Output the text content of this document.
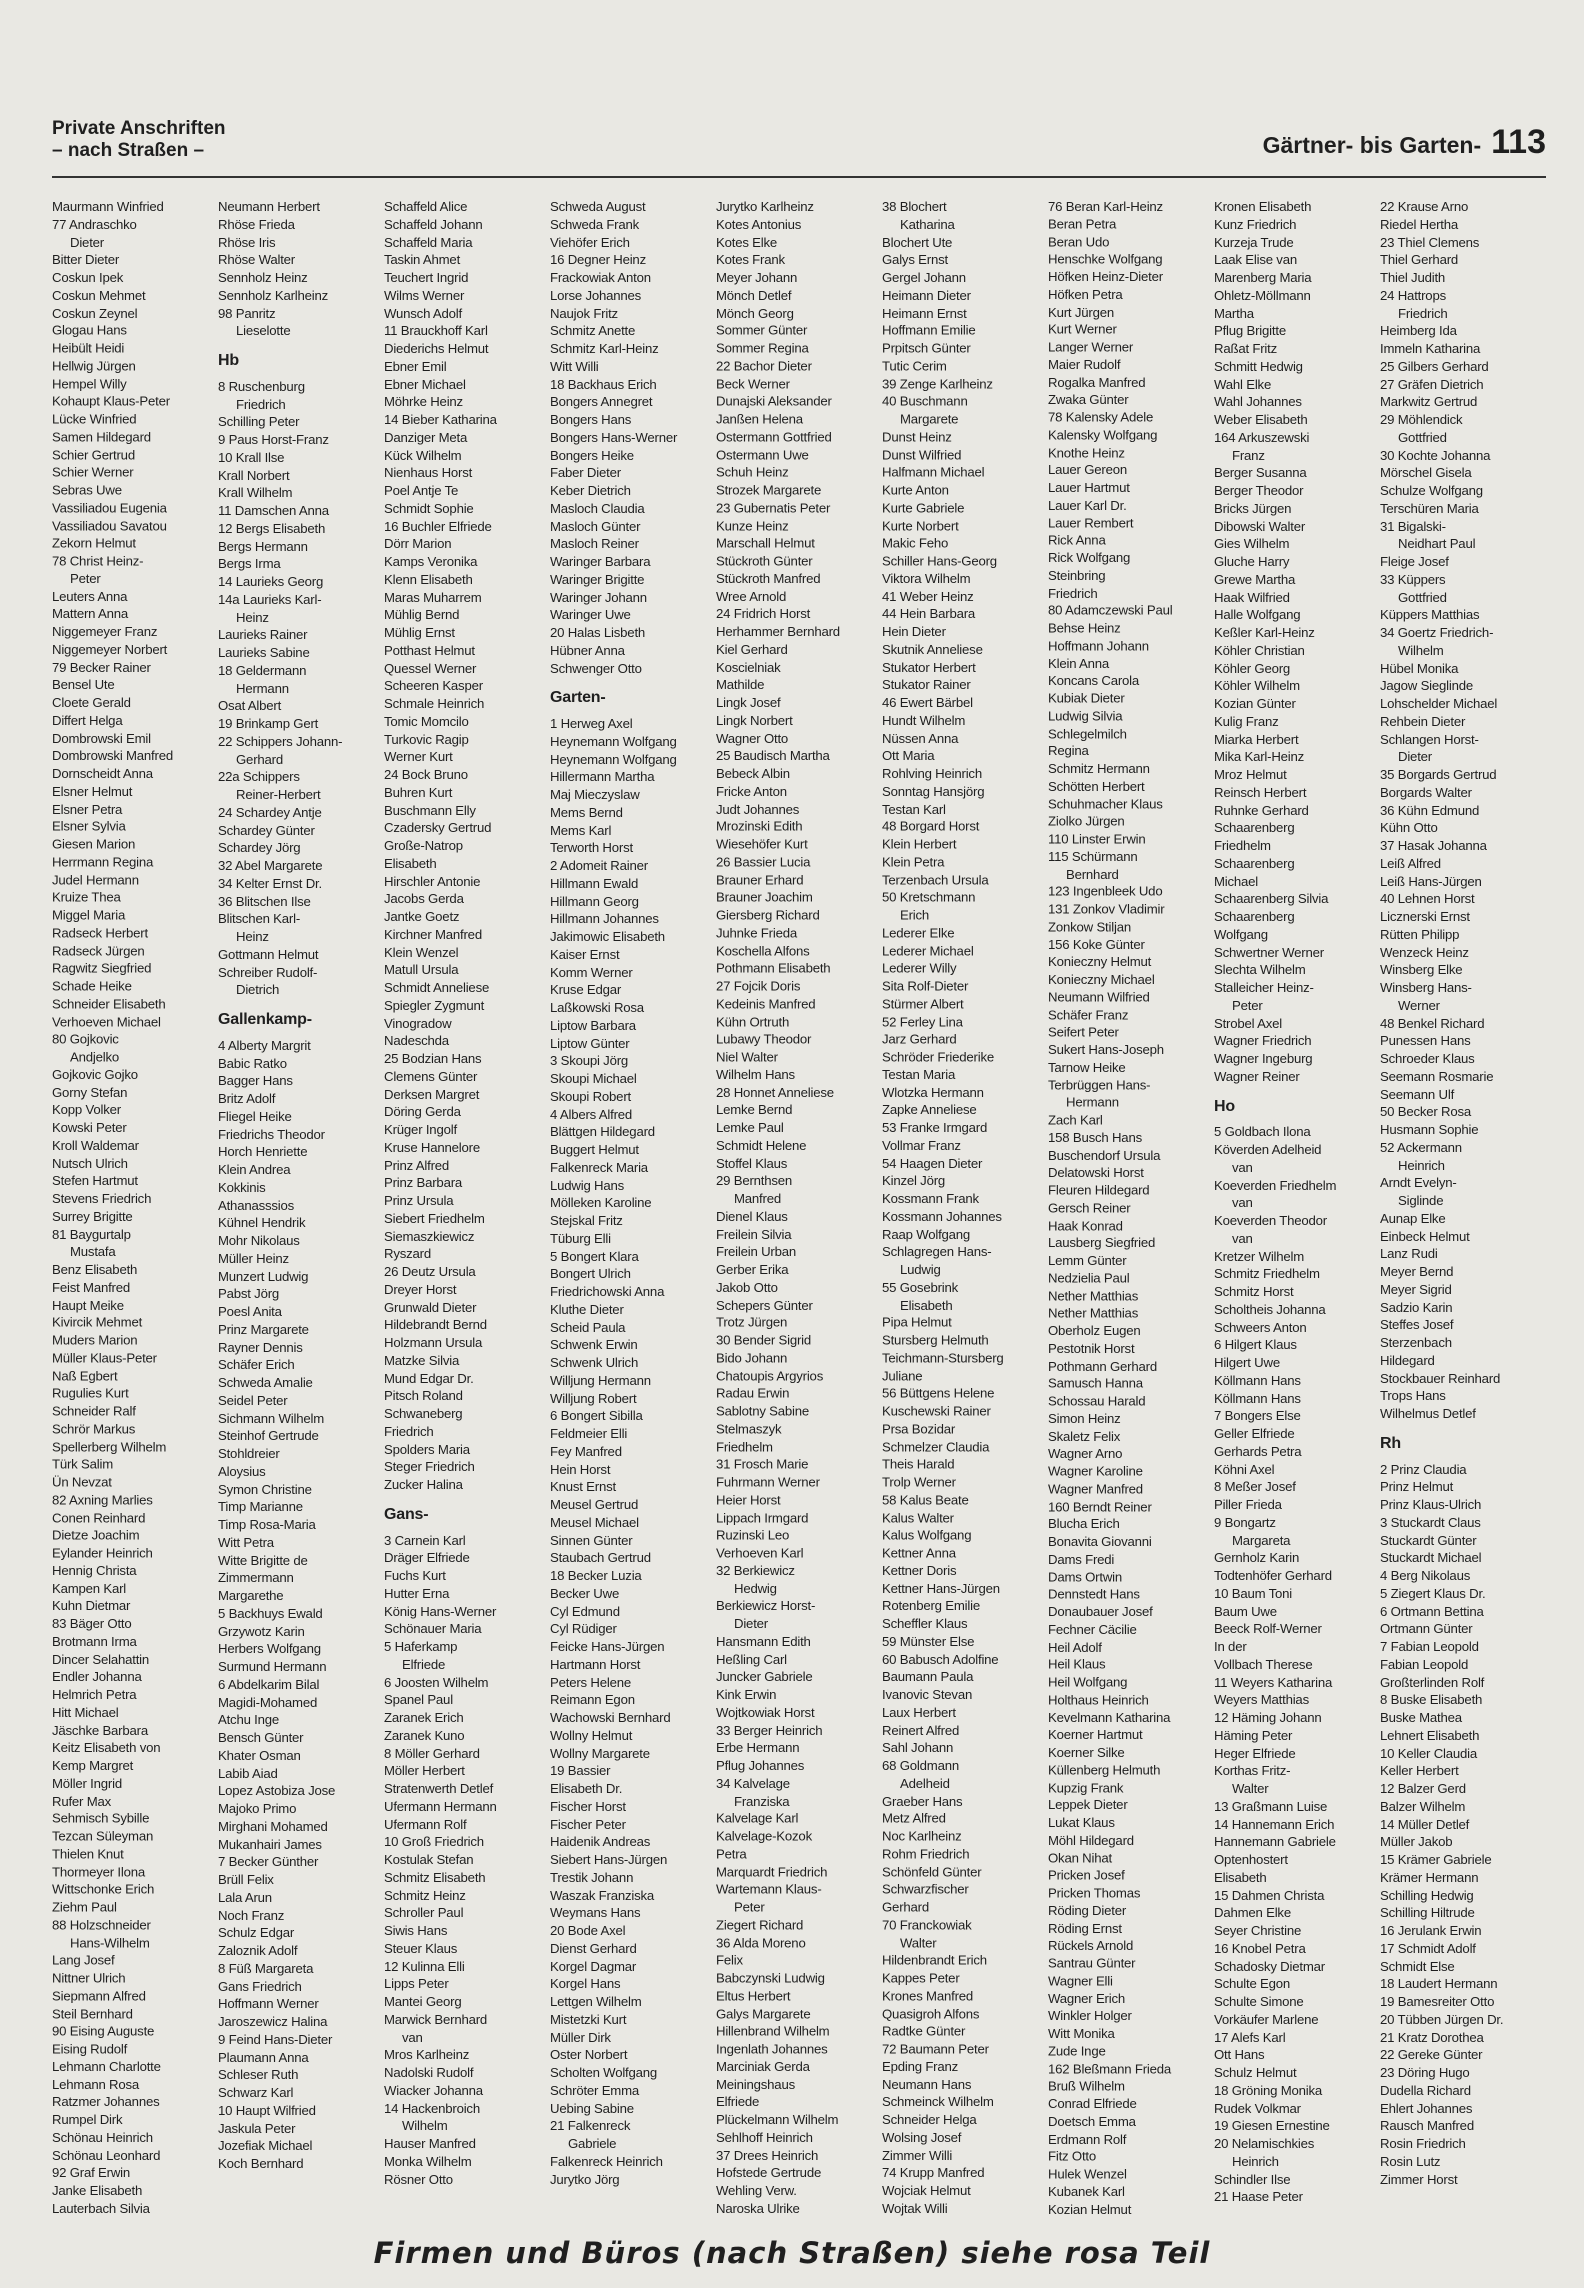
Private Anschriften
– nach Straßen –	Gärtner- bis Garten- 113
Maurmann Winfried
77 Andraschko
Dieter
Bitter Dieter
Coskun Ipek
Coskun Mehmet
Coskun Zeynel
Glogau Hans
Heibült Heidi
Hellwig Jürgen
Hempel Willy
Kohaupt Klaus-Peter
Lücke Winfried
Samen Hildegard
Schier Gertrud
Schier Werner
Sebras Uwe
Vassiliadou Eugenia
Vassiliadou Savatou
Zekorn Helmut
78 Christ Heinz-
Peter
Leuters Anna
Mattern Anna
Niggemeyer Franz
Niggemeyer Norbert
79 Becker Rainer
Bensel Ute
Cloete Gerald
Differt Helga
Dombrowski Emil
Dombrowski Manfred
Dornscheidt Anna
Elsner Helmut
Elsner Petra
Elsner Sylvia
Giesen Marion
Herrmann Regina
Judel Hermann
Kruize Thea
Miggel Maria
Radseck Herbert
Radseck Jürgen
Ragwitz Siegfried
Schade Heike
Schneider Elisabeth
Verhoeven Michael
80 Gojkovic
Andjelko
Gojkovic Gojko
Gorny Stefan
Kopp Volker
Kowski Peter
Kroll Waldemar
Nutsch Ulrich
Stefen Hartmut
Stevens Friedrich
Surrey Brigitte
81 Baygurtalp
Mustafa
Benz Elisabeth
Feist Manfred
Haupt Meike
Kivircik Mehmet
Muders Marion
Müller Klaus-Peter
Naß Egbert
Rugulies Kurt
Schneider Ralf
Schrör Markus
Spellerberg Wilhelm
Türk Salim
Ün Nevzat
82 Axning Marlies
Conen Reinhard
Dietze Joachim
Eylander Heinrich
Hennig Christa
Kampen Karl
Kuhn Dietmar
83 Bäger Otto
Brotmann Irma
Dincer Selahattin
Endler Johanna
Helmrich Petra
Hitt Michael
Jäschke Barbara
Keitz Elisabeth von
Kemp Margret
Möller Ingrid
Rufer Max
Sehmisch Sybille
Tezcan Süleyman
Thielen Knut
Thormeyer Ilona
Wittschonke Erich
Ziehm Paul
88 Holzschneider
Hans-Wilhelm
Lang Josef
Nittner Ulrich
Siepmann Alfred
Steil Bernhard
90 Eising Auguste
Eising Rudolf
Lehmann Charlotte
Lehmann Rosa
Ratzmer Johannes
Rumpel Dirk
Schönau Heinrich
Schönau Leonhard
92 Graf Erwin
Janke Elisabeth
Lauterbach Silvia
Neumann Herbert
Rhöse Frieda
Rhöse Iris
Rhöse Walter
Sennholz Heinz
Sennholz Karlheinz
98 Panritz
Lieselotte
Hb
8 Ruschenburg
Friedrich
Schilling Peter
9 Paus Horst-Franz
10 Krall Ilse
Krall Norbert
Krall Wilhelm
11 Damschen Anna
12 Bergs Elisabeth
Bergs Hermann
Bergs Irma
14 Laurieks Georg
14a Laurieks Karl-
Heinz
Laurieks Rainer
Laurieks Sabine
18 Geldermann
Hermann
Osat Albert
19 Brinkamp Gert
22 Schippers Johann-
Gerhard
22a Schippers
Reiner-Herbert
24 Schardey Antje
Schardey Günter
Schardey Jörg
32 Abel Margarete
34 Kelter Ernst Dr.
36 Blitschen Ilse
Blitschen Karl-
Heinz
Gottmann Helmut
Schreiber Rudolf-
Dietrich
Gallenkamp-
4 Alberty Margrit
Babic Ratko
Bagger Hans
Britz Adolf
Fliegel Heike
Friedrichs Theodor
Horch Henriette
Klein Andrea
Kokkinis
Athanasssios
Kühnel Hendrik
Mohr Nikolaus
Müller Heinz
Munzert Ludwig
Pabst Jörg
Poesl Anita
Prinz Margarete
Rayner Dennis
Schäfer Erich
Schweda Amalie
Seidel Peter
Sichmann Wilhelm
Steinhof Gertrude
Stohldreier
Aloysius
Symon Christine
Timp Marianne
Timp Rosa-Maria
Witt Petra
Witte Brigitte de
Zimmermann
Margarethe
5 Backhuys Ewald
Grzywotz Karin
Herbers Wolfgang
Surmund Hermann
6 Abdelkarim Bilal
Magidi-Mohamed
Atchu Inge
Bensch Günter
Khater Osman
Labib Aiad
Lopez Astobiza Jose
Majoko Primo
Mirghani Mohamed
Mukanhairi James
7 Becker Günther
Brüll Felix
Lala Arun
Noch Franz
Schulz Edgar
Zaloznik Adolf
8 Füß Margareta
Gans Friedrich
Hoffmann Werner
Jaroszewicz Halina
9 Feind Hans-Dieter
Plaumann Anna
Schleser Ruth
Schwarz Karl
10 Haupt Wilfried
Jaskula Peter
Jozefiak Michael
Koch Bernhard
Schaffeld Alice
Schaffeld Johann
Schaffeld Maria
Taskin Ahmet
Teuchert Ingrid
Wilms Werner
Wunsch Adolf
11 Brauckhoff Karl
Diederichs Helmut
Ebner Emil
Ebner Michael
Möhrke Heinz
14 Bieber Katharina
Danziger Meta
Kück Wilhelm
Nienhaus Horst
Poel Antje Te
Schmidt Sophie
16 Buchler Elfriede
Dörr Marion
Kamps Veronika
Klenn Elisabeth
Maras Muharrem
Mühlig Bernd
Mühlig Ernst
Potthast Helmut
Quessel Werner
Scheeren Kasper
Schmale Heinrich
Tomic Momcilo
Turkovic Ragip
Werner Kurt
24 Bock Bruno
Buhren Kurt
Buschmann Elly
Czadersky Gertrud
Große-Natrop
Elisabeth
Hirschler Antonie
Jacobs Gerda
Jantke Goetz
Kirchner Manfred
Klein Wenzel
Matull Ursula
Schmidt Anneliese
Spiegler Zygmunt
Vinogradow
Nadeschda
25 Bodzian Hans
Clemens Günter
Derksen Margret
Döring Gerda
Krüger Ingolf
Kruse Hannelore
Prinz Alfred
Prinz Barbara
Prinz Ursula
Siebert Friedhelm
Siemaszkiewicz
Ryszard
26 Deutz Ursula
Dreyer Horst
Grunwald Dieter
Hildebrandt Bernd
Holzmann Ursula
Matzke Silvia
Mund Edgar Dr.
Pitsch Roland
Schwaneberg
Friedrich
Spolders Maria
Steger Friedrich
Zucker Halina
Gans-
3 Carnein Karl
Dräger Elfriede
Fuchs Kurt
Hutter Erna
König Hans-Werner
Schönauer Maria
5 Haferkamp
Elfriede
6 Joosten Wilhelm
Spanel Paul
Zaranek Erich
Zaranek Kuno
8 Möller Gerhard
Möller Herbert
Stratenwerth Detlef
Ufermann Hermann
Ufermann Rolf
10 Groß Friedrich
Kostulak Stefan
Schmitz Elisabeth
Schmitz Heinz
Schroller Paul
Siwis Hans
Steuer Klaus
12 Kulinna Elli
Lipps Peter
Mantei Georg
Marwick Bernhard
van
Mros Karlheinz
Nadolski Rudolf
Wiacker Johanna
14 Hackenbroich
Wilhelm
Hauser Manfred
Monka Wilhelm
Rösner Otto
Schweda August
Schweda Frank
Viehöfer Erich
16 Degner Heinz
Frackowiak Anton
Lorse Johannes
Naujok Fritz
Schmitz Anette
Schmitz Karl-Heinz
Witt Willi
18 Backhaus Erich
Bongers Annegret
Bongers Hans
Bongers Hans-Werner
Bongers Heike
Faber Dieter
Keber Dietrich
Masloch Claudia
Masloch Günter
Masloch Reiner
Waringer Barbara
Waringer Brigitte
Waringer Johann
Waringer Uwe
20 Halas Lisbeth
Hübner Anna
Schwenger Otto
Garten-
1 Herweg Axel
Heynemann Wolfgang
Heynemann Wolfgang
Hillermann Martha
Maj Mieczyslaw
Mems Bernd
Mems Karl
Terworth Horst
2 Adomeit Rainer
Hillmann Ewald
Hillmann Georg
Hillmann Johannes
Jakimowic Elisabeth
Kaiser Ernst
Komm Werner
Kruse Edgar
Laßkowski Rosa
Liptow Barbara
Liptow Günter
3 Skoupi Jörg
Skoupi Michael
Skoupi Robert
4 Albers Alfred
Blättgen Hildegard
Buggert Helmut
Falkenreck Maria
Ludwig Hans
Mölleken Karoline
Stejskal Fritz
Tüburg Elli
5 Bongert Klara
Bongert Ulrich
Friedrichowski Anna
Kluthe Dieter
Scheid Paula
Schwenk Erwin
Schwenk Ulrich
Willjung Hermann
Willjung Robert
6 Bongert Sibilla
Feldmeier Elli
Fey Manfred
Hein Horst
Knust Ernst
Meusel Gertrud
Meusel Michael
Sinnen Günter
Staubach Gertrud
18 Becker Luzia
Becker Uwe
Cyl Edmund
Cyl Rüdiger
Feicke Hans-Jürgen
Hartmann Horst
Peters Helene
Reimann Egon
Wachowski Bernhard
Wollny Helmut
Wollny Margarete
19 Bassier
Elisabeth Dr.
Fischer Horst
Fischer Peter
Haidenik Andreas
Siebert Hans-Jürgen
Trestik Johann
Waszak Franziska
Weymans Hans
20 Bode Axel
Dienst Gerhard
Korgel Dagmar
Korgel Hans
Lettgen Wilhelm
Mistetzki Kurt
Müller Dirk
Oster Norbert
Scholten Wolfgang
Schröter Emma
Uebing Sabine
21 Falkenreck
Gabriele
Falkenreck Heinrich
Jurytko Jörg
Jurytko Karlheinz
Kotes Antonius
Kotes Elke
Kotes Frank
Meyer Johann
Mönch Detlef
Mönch Georg
Sommer Günter
Sommer Regina
22 Bachor Dieter
Beck Werner
Dunajski Aleksander
Janßen Helena
Ostermann Gottfried
Ostermann Uwe
Schuh Heinz
Strozek Margarete
23 Gubernatis Peter
Kunze Heinz
Marschall Helmut
Stückroth Günter
Stückroth Manfred
Wree Arnold
24 Fridrich Horst
Herhammer Bernhard
Kiel Gerhard
Koscielniak
Mathilde
Lingk Josef
Lingk Norbert
Wagner Otto
25 Baudisch Martha
Bebeck Albin
Fricke Anton
Judt Johannes
Mrozinski Edith
Wiesehöfer Kurt
26 Bassier Lucia
Brauner Erhard
Brauner Joachim
Giersberg Richard
Juhnke Frieda
Koschella Alfons
Pothmann Elisabeth
27 Fojcik Doris
Kedeinis Manfred
Kühn Ortruth
Lubawy Theodor
Niel Walter
Wilhelm Hans
28 Honnet Anneliese
Lemke Bernd
Lemke Paul
Schmidt Helene
Stoffel Klaus
29 Bernthsen
Manfred
Dienel Klaus
Freilein Silvia
Freilein Urban
Gerber Erika
Jakob Otto
Schepers Günter
Trotz Jürgen
30 Bender Sigrid
Bido Johann
Chatoupis Argyrios
Radau Erwin
Sablotny Sabine
Stelmaszyk
Friedhelm
31 Frosch Marie
Fuhrmann Werner
Heier Horst
Lippach Irmgard
Ruzinski Leo
Verhoeven Karl
32 Berkiewicz
Hedwig
Berkiewicz Horst-
Dieter
Hansmann Edith
Heßling Carl
Juncker Gabriele
Kink Erwin
Wojtkowiak Horst
33 Berger Heinrich
Erbe Hermann
Pflug Johannes
34 Kalvelage
Franziska
Kalvelage Karl
Kalvelage-Kozok
Petra
Marquardt Friedrich
Wartemann Klaus-
Peter
Ziegert Richard
36 Alda Moreno
Felix
Babczynski Ludwig
Eltus Herbert
Galys Margarete
Hillenbrand Wilhelm
Ingenlath Johannes
Marciniak Gerda
Meiningshaus
Elfriede
Plückelmann Wilhelm
Sehlhoff Heinrich
37 Drees Heinrich
Hofstede Gertrude
Wehling Verw.
Naroska Ulrike
38 Blochert
Katharina
Blochert Ute
Galys Ernst
Gergel Johann
Heimann Dieter
Heimann Ernst
Hoffmann Emilie
Prpitsch Günter
Tutic Cerim
39 Zenge Karlheinz
40 Buschmann
Margarete
Dunst Heinz
Dunst Wilfried
Halfmann Michael
Kurte Anton
Kurte Gabriele
Kurte Norbert
Makic Feho
Schiller Hans-Georg
Viktora Wilhelm
41 Weber Heinz
44 Hein Barbara
Hein Dieter
Skutnik Anneliese
Stukator Herbert
Stukator Rainer
46 Ewert Bärbel
Hundt Wilhelm
Nüssen Anna
Ott Maria
Rohlving Heinrich
Sonntag Hansjörg
Testan Karl
48 Borgard Horst
Klein Herbert
Klein Petra
Terzenbach Ursula
50 Kretschmann
Erich
Lederer Elke
Lederer Michael
Lederer Willy
Sita Rolf-Dieter
Stürmer Albert
52 Ferley Lina
Jarz Gerhard
Schröder Friederike
Testan Maria
Wlotzka Hermann
Zapke Anneliese
53 Franke Irmgard
Vollmar Franz
54 Haagen Dieter
Kinzel Jörg
Kossmann Frank
Kossmann Johannes
Raap Wolfgang
Schlagregen Hans-
Ludwig
55 Gosebrink
Elisabeth
Pipa Helmut
Stursberg Helmuth
Teichmann-Stursberg
Juliane
56 Büttgens Helene
Kuschewski Rainer
Prsa Bozidar
Schmelzer Claudia
Theis Harald
Trolp Werner
58 Kalus Beate
Kalus Walter
Kalus Wolfgang
Kettner Anna
Kettner Doris
Kettner Hans-Jürgen
Rotenberg Emilie
Scheffler Klaus
59 Münster Else
60 Babusch Adolfine
Baumann Paula
Ivanovic Stevan
Laux Herbert
Reinert Alfred
Sahl Johann
68 Goldmann
Adelheid
Graeber Hans
Metz Alfred
Noc Karlheinz
Rohm Friedrich
Schönfeld Günter
Schwarzfischer
Gerhard
70 Franckowiak
Walter
Hildenbrandt Erich
Kappes Peter
Krones Manfred
Quasigroh Alfons
Radtke Günter
72 Baumann Peter
Epding Franz
Neumann Hans
Schmeinck Wilhelm
Schneider Helga
Wolsing Josef
Zimmer Willi
74 Krupp Manfred
Wojciak Helmut
Wojtak Willi
76 Beran Karl-Heinz
Beran Petra
Beran Udo
Henschke Wolfgang
Höfken Heinz-Dieter
Höfken Petra
Kurt Jürgen
Kurt Werner
Langer Werner
Maier Rudolf
Rogalka Manfred
Zwaka Günter
78 Kalensky Adele
Kalensky Wolfgang
Knothe Heinz
Lauer Gereon
Lauer Hartmut
Lauer Karl Dr.
Lauer Rembert
Rick Anna
Rick Wolfgang
Steinbring
Friedrich
80 Adamczewski Paul
Behse Heinz
Hoffmann Johann
Klein Anna
Koncans Carola
Kubiak Dieter
Ludwig Silvia
Schlegelmilch
Regina
Schmitz Hermann
Schötten Herbert
Schuhmacher Klaus
Ziolko Jürgen
110 Linster Erwin
115 Schürmann
Bernhard
123 Ingenbleek Udo
131 Zonkov Vladimir
Zonkow Stiljan
156 Koke Günter
Konieczny Helmut
Konieczny Michael
Neumann Wilfried
Schäfer Franz
Seifert Peter
Sukert Hans-Joseph
Tarnow Heike
Terbrüggen Hans-
Hermann
Zach Karl
158 Busch Hans
Buschendorf Ursula
Delatowski Horst
Fleuren Hildegard
Gersch Reiner
Haak Konrad
Lausberg Siegfried
Lemm Günter
Nedzielia Paul
Nether Matthias
Nether Matthias
Oberholz Eugen
Pestotnik Horst
Pothmann Gerhard
Samusch Hanna
Schossau Harald
Simon Heinz
Skaletz Felix
Wagner Arno
Wagner Karoline
Wagner Manfred
160 Berndt Reiner
Blucha Erich
Bonavita Giovanni
Dams Fredi
Dams Ortwin
Dennstedt Hans
Donaubauer Josef
Fechner Cäcilie
Heil Adolf
Heil Klaus
Heil Wolfgang
Holthaus Heinrich
Kevelmann Katharina
Koerner Hartmut
Koerner Silke
Küllenberg Helmuth
Kupzig Frank
Leppek Dieter
Lukat Klaus
Möhl Hildegard
Okan Nihat
Pricken Josef
Pricken Thomas
Röding Dieter
Röding Ernst
Rückels Arnold
Santrau Günter
Wagner Elli
Wagner Erich
Winkler Holger
Witt Monika
Zude Inge
162 Bleßmann Frieda
Bruß Wilhelm
Conrad Elfriede
Doetsch Emma
Erdmann Rolf
Fitz Otto
Hulek Wenzel
Kubanek Karl
Kozian Helmut
Kronen Elisabeth
Kunz Friedrich
Kurzeja Trude
Laak Elise van
Marenberg Maria
Ohletz-Möllmann
Martha
Pflug Brigitte
Raßat Fritz
Schmitt Hedwig
Wahl Elke
Wahl Johannes
Weber Elisabeth
164 Arkuszewski
Franz
Berger Susanna
Berger Theodor
Bricks Jürgen
Dibowski Walter
Gies Wilhelm
Gluche Harry
Grewe Martha
Haak Wilfried
Halle Wolfgang
Keßler Karl-Heinz
Köhler Christian
Köhler Georg
Köhler Wilhelm
Kozian Günter
Kulig Franz
Miarka Herbert
Mika Karl-Heinz
Mroz Helmut
Reinsch Herbert
Ruhnke Gerhard
Schaarenberg
Friedhelm
Schaarenberg
Michael
Schaarenberg Silvia
Schaarenberg
Wolfgang
Schwertner Werner
Slechta Wilhelm
Stalleicher Heinz-
Peter
Strobel Axel
Wagner Friedrich
Wagner Ingeburg
Wagner Reiner
Ho
5 Goldbach Ilona
Köverden Adelheid
van
Koeverden Friedhelm
van
Koeverden Theodor
van
Kretzer Wilhelm
Schmitz Friedhelm
Schmitz Horst
Scholtheis Johanna
Schweers Anton
6 Hilgert Klaus
Hilgert Uwe
Köllmann Hans
Köllmann Hans
7 Bongers Else
Geller Elfriede
Gerhards Petra
Köhni Axel
8 Meßer Josef
Piller Frieda
9 Bongartz
Margareta
Gernholz Karin
Todtenhöfer Gerhard
10 Baum Toni
Baum Uwe
Beeck Rolf-Werner
In der
Vollbach Therese
11 Weyers Katharina
Weyers Matthias
12 Häming Johann
Häming Peter
Heger Elfriede
Korthas Fritz-
Walter
13 Graßmann Luise
14 Hannemann Erich
Hannemann Gabriele
Optenhostert
Elisabeth
15 Dahmen Christa
Dahmen Elke
Seyer Christine
16 Knobel Petra
Schadosky Dietmar
Schulte Egon
Schulte Simone
Vorkäufer Marlene
17 Alefs Karl
Ott Hans
Schulz Helmut
18 Gröning Monika
Rudek Volkmar
19 Giesen Ernestine
20 Nelamischkies
Heinrich
Schindler Ilse
21 Haase Peter
22 Krause Arno
Riedel Hertha
23 Thiel Clemens
Thiel Gerhard
Thiel Judith
24 Hattrops
Friedrich
Heimberg Ida
Immeln Katharina
25 Gilbers Gerhard
27 Gräfen Dietrich
Markwitz Gertrud
29 Möhlendick
Gottfried
30 Kochte Johanna
Mörschel Gisela
Schulze Wolfgang
Terschüren Maria
31 Bigalski-
Neidhart Paul
Fleige Josef
33 Küppers
Gottfried
Küppers Matthias
34 Goertz Friedrich-
Wilhelm
Hübel Monika
Jagow Sieglinde
Lohschelder Michael
Rehbein Dieter
Schlangen Horst-
Dieter
35 Borgards Gertrud
Borgards Walter
36 Kühn Edmund
Kühn Otto
37 Hasak Johanna
Leiß Alfred
Leiß Hans-Jürgen
40 Lehnen Horst
Licznerski Ernst
Rütten Philipp
Wenzeck Heinz
Winsberg Elke
Winsberg Hans-
Werner
48 Benkel Richard
Punessen Hans
Schroeder Klaus
Seemann Rosmarie
Seemann Ulf
50 Becker Rosa
Husmann Sophie
52 Ackermann
Heinrich
Arndt Evelyn-
Siglinde
Aunap Elke
Einbeck Helmut
Lanz Rudi
Meyer Bernd
Meyer Sigrid
Sadzio Karin
Steffes Josef
Sterzenbach
Hildegard
Stockbauer Reinhard
Trops Hans
Wilhelmus Detlef
Rh
2 Prinz Claudia
Prinz Helmut
Prinz Klaus-Ulrich
3 Stuckardt Claus
Stuckardt Günter
Stuckardt Michael
4 Berg Nikolaus
5 Ziegert Klaus Dr.
6 Ortmann Bettina
Ortmann Günter
7 Fabian Leopold
Fabian Leopold
Großterlinden Rolf
8 Buske Elisabeth
Buske Mathea
Lehnert Elisabeth
10 Keller Claudia
Keller Herbert
12 Balzer Gerd
Balzer Wilhelm
14 Müller Detlef
Müller Jakob
15 Krämer Gabriele
Krämer Hermann
Schilling Hedwig
Schilling Hiltrude
16 Jerulank Erwin
17 Schmidt Adolf
Schmidt Else
18 Laudert Hermann
19 Bamesreiter Otto
20 Tübben Jürgen Dr.
21 Kratz Dorothea
22 Gereke Günter
23 Döring Hugo
Dudella Richard
Ehlert Johannes
Rausch Manfred
Rosin Friedrich
Rosin Lutz
Zimmer Horst
Firmen und Büros (nach Straßen) siehe rosa Teil
